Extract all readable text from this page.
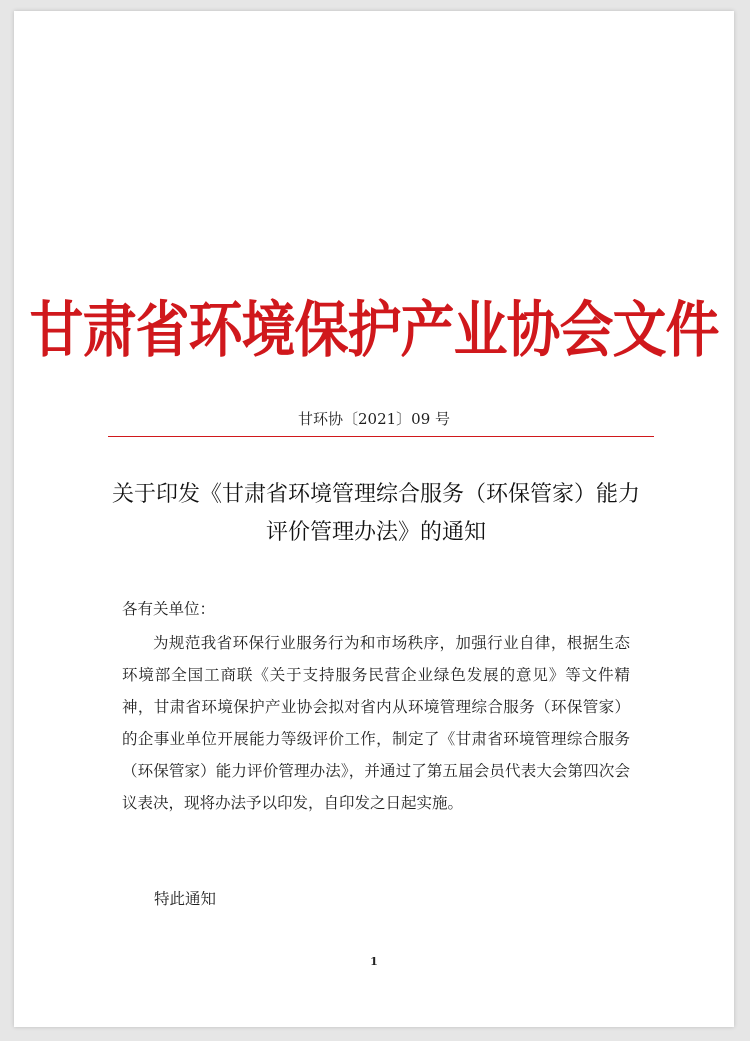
甘肃省环境保护产业协会文件
甘环协〔2021〕09 号
关于印发《甘肃省环境管理综合服务（环保管家）能力评价管理办法》的通知
各有关单位：

为规范我省环保行业服务行为和市场秩序，加强行业自律，根据生态环境部全国工商联《关于支持服务民营企业绿色发展的意见》等文件精神，甘肃省环境保护产业协会拟对省内从环境管理综合服务（环保管家）的企事业单位开展能力等级评价工作，制定了《甘肃省环境管理综合服务（环保管家）能力评价管理办法》，并通过了第五届会员代表大会第四次会议表决，现将办法予以印发，自印发之日起实施。

特此通知
1
